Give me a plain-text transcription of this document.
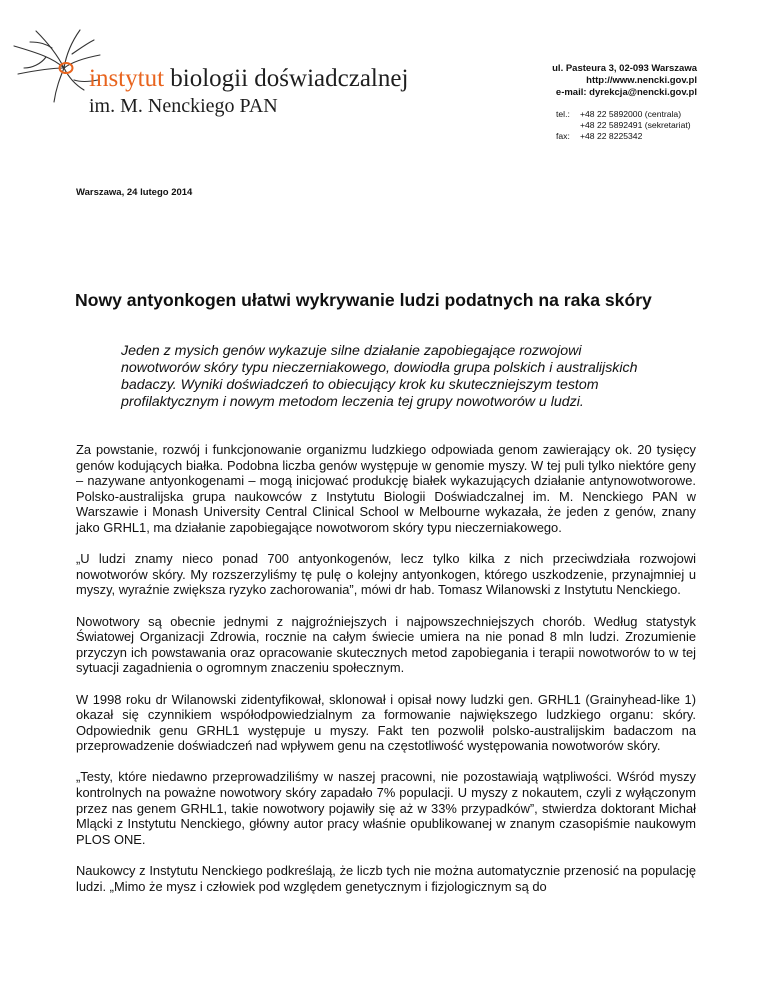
instytut biologii doświadczalnej
im. M. Nenckiego PAN
ul. Pasteura 3, 02-093 Warszawa
http://www.nencki.gov.pl
e-mail: dyrekcja@nencki.gov.pl
tel.:	+48 22 5892000 (centrala)
+48 22 5892491 (sekretariat)
fax:	+48 22 8225342
Warszawa, 24 lutego 2014
Nowy antyonkogen ułatwi wykrywanie ludzi podatnych na raka skóry

Jeden z mysich genów wykazuje silne działanie zapobiegające rozwojowi nowotworów skóry typu nieczerniakowego, dowiodła grupa polskich i australijskich badaczy. Wyniki doświadczeń to obiecujący krok ku skuteczniejszym testom profilaktycznym i nowym metodom leczenia tej grupy nowotworów u ludzi.

Za powstanie, rozwój i funkcjonowanie organizmu ludzkiego odpowiada genom zawierający ok. 20 tysięcy genów kodujących białka. Podobna liczba genów występuje w genomie myszy. W tej puli tylko niektóre geny – nazywane antyonkogenami – mogą inicjować produkcję białek wykazujących działanie antynowotworowe. Polsko-australijska grupa naukowców z Instytutu Biologii Doświadczalnej im. M. Nenckiego PAN w Warszawie i Monash University Central Clinical School w Melbourne wykazała, że jeden z genów, znany jako GRHL1, ma działanie zapobiegające nowotworom skóry typu nieczerniakowego.

„U ludzi znamy nieco ponad 700 antyonkogenów, lecz tylko kilka z nich przeciwdziała rozwojowi nowotworów skóry. My rozszerzyliśmy tę pulę o kolejny antyonkogen, którego uszkodzenie, przynajmniej u myszy, wyraźnie zwiększa ryzyko zachorowania”, mówi dr hab. Tomasz Wilanowski z Instytutu Nenckiego.

Nowotwory są obecnie jednymi z najgroźniejszych i najpowszechniejszych chorób. Według statystyk Światowej Organizacji Zdrowia, rocznie na całym świecie umiera na nie ponad 8 mln ludzi. Zrozumienie przyczyn ich powstawania oraz opracowanie skutecznych metod zapobiegania i terapii nowotworów to w tej sytuacji zagadnienia o ogromnym znaczeniu społecznym.

W 1998 roku dr Wilanowski zidentyfikował, sklonował i opisał nowy ludzki gen. GRHL1 (Grainyhead-like 1) okazał się czynnikiem współodpowiedzialnym za formowanie największego ludzkiego organu: skóry. Odpowiednik genu GRHL1 występuje u myszy. Fakt ten pozwolił polsko-australijskim badaczom na przeprowadzenie doświadczeń nad wpływem genu na częstotliwość występowania nowotworów skóry.

„Testy, które niedawno przeprowadziliśmy w naszej pracowni, nie pozostawiają wątpliwości. Wśród myszy kontrolnych na poważne nowotwory skóry zapadało 7% populacji. U myszy z nokautem, czyli z wyłączonym przez nas genem GRHL1, takie nowotwory pojawiły się aż w 33% przypadków”, stwierdza doktorant Michał Mlącki z Instytutu Nenckiego, główny autor pracy właśnie opublikowanej w znanym czasopiśmie naukowym PLOS ONE.

Naukowcy z Instytutu Nenckiego podkreślają, że liczb tych nie można automatycznie przenosić na populację ludzi. „Mimo że mysz i człowiek pod względem genetycznym i fizjologicznym są do
